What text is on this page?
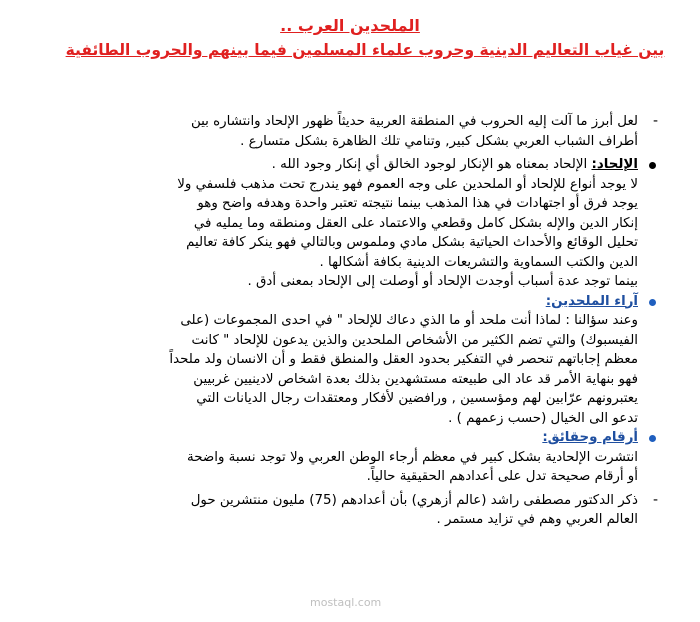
الملحدين العرب ..
بين غياب التعاليم الدينية وحروب علماء المسلمين فيما بينهم والحروب الطائفية
-
لعل أبرز ما آلت إليه الحروب في المنطقة العربية حديثاً ظهور الإلحاد وانتشاره بين
أطراف الشباب العربي بشكل كبير, وتنامي تلك الظاهرة بشكل متسارع .
الإلحاد: الإلحاد بمعناه هو الإنكار لوجود الخالق أي إنكار وجود الله .
لا يوجد أنواع للإلحاد أو الملحدين على وجه العموم فهو يندرج تحت مذهب فلسفي ولا
يوجد فرق أو اجتهادات في هذا المذهب بينما نتيجته تعتبر واحدة وهدفه واضح وهو
إنكار الدين والإله بشكل كامل وقطعي والاعتماد على العقل ومنطقه وما يمليه في
تحليل الوقائع والأحداث الحياتية بشكل مادي وملموس وبالتالي فهو ينكر كافة تعاليم
الدين والكتب السماوية والتشريعات الدينية بكافة أشكالها .
بينما توجد عدة أسباب أوجدت الإلحاد أو أوصلت إلى الإلحاد بمعنى أدق .
آراء الملحدين:
وعند سؤالنا : لماذا أنت ملحد أو ما الذي دعاك للإلحاد " في احدى المجموعات (على
الفيسبوك) والتي تضم الكثير من الأشخاص الملحدين والذين يدعون للإلحاد " كانت
معظم إجاباتهم تنحصر في التفكير بحدود العقل والمنطق فقط و أن الانسان ولد ملحداً
فهو بنهاية الأمر قد عاد الى طبيعته مستشهدين بذلك بعدة اشخاص لادينيين غربيين
يعتبرونهم عرّابين لهم ومؤسسين , ورافضين لأفكار ومعتقدات رجال الديانات التي
تدعو الى الخيال (حسب زعمهم ) .
أرقام وحقائق:
انتشرت الإلحادية بشكل كبير في معظم أرجاء الوطن العربي ولا توجد نسبة واضحة
أو أرقام صحيحة تدل على أعدادهم الحقيقية حالياً.
-
ذكر الدكتور مصطفى راشد (عالم أزهري) بأن أعدادهم (75) مليون منتشرين حول
العالم العربي وهم في تزايد مستمر .
mostaql.com
